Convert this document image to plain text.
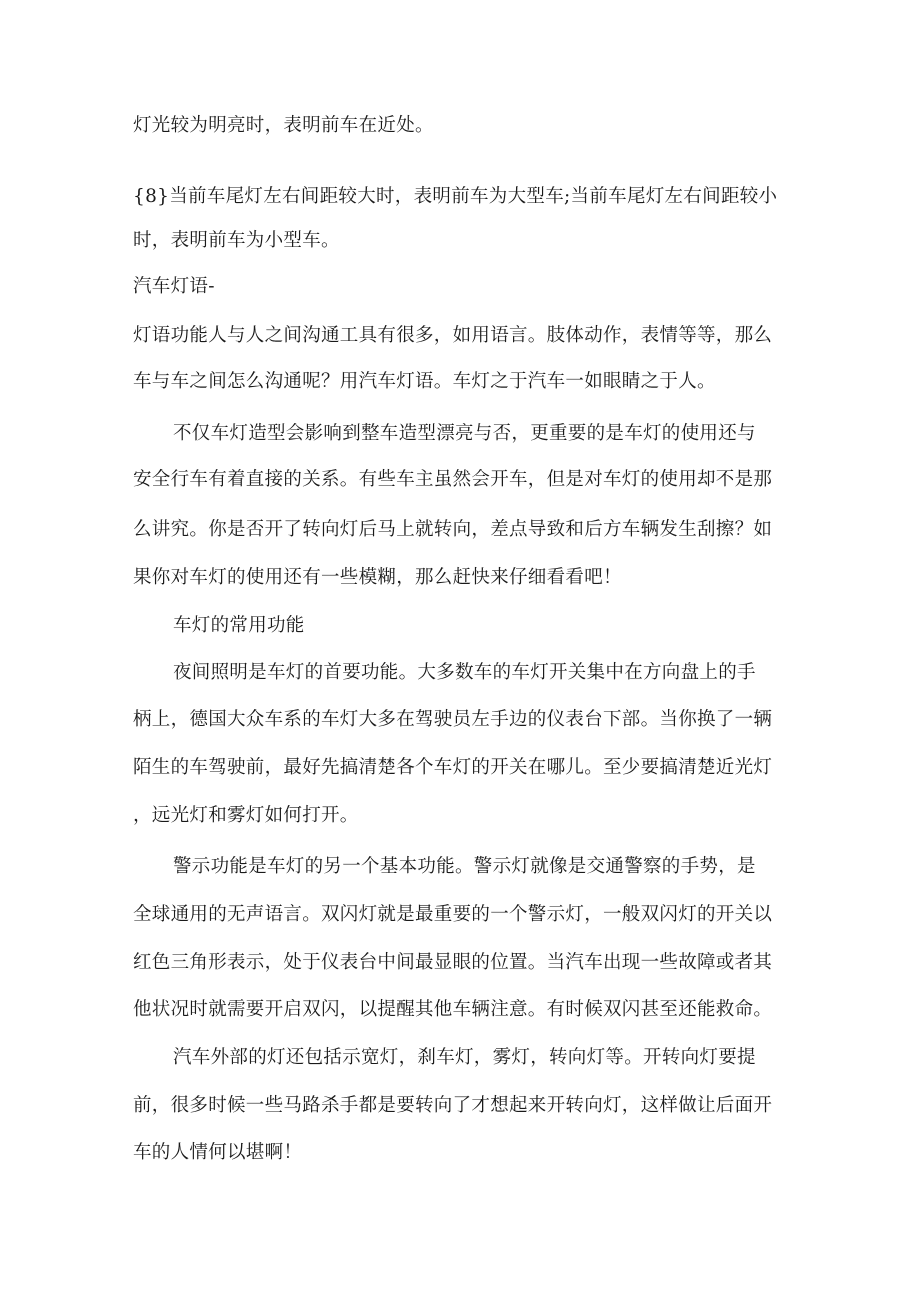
灯光较为明亮时，表明前车在近处。
{8}当前车尾灯左右间距较大时，表明前车为大型车;当前车尾灯左右间距较小
时，表明前车为小型车。
汽车灯语-
灯语功能人与人之间沟通工具有很多，如用语言。肢体动作，表情等等，那么
车与车之间怎么沟通呢？用汽车灯语。车灯之于汽车一如眼睛之于人。
不仅车灯造型会影响到整车造型漂亮与否，更重要的是车灯的使用还与
安全行车有着直接的关系。有些车主虽然会开车，但是对车灯的使用却不是那
么讲究。你是否开了转向灯后马上就转向，差点导致和后方车辆发生刮擦？如
果你对车灯的使用还有一些模糊，那么赶快来仔细看看吧！
车灯的常用功能
夜间照明是车灯的首要功能。大多数车的车灯开关集中在方向盘上的手
柄上，德国大众车系的车灯大多在驾驶员左手边的仪表台下部。当你换了一辆
陌生的车驾驶前，最好先搞清楚各个车灯的开关在哪儿。至少要搞清楚近光灯
，远光灯和雾灯如何打开。
警示功能是车灯的另一个基本功能。警示灯就像是交通警察的手势，是
全球通用的无声语言。双闪灯就是最重要的一个警示灯，一般双闪灯的开关以
红色三角形表示，处于仪表台中间最显眼的位置。当汽车出现一些故障或者其
他状况时就需要开启双闪，以提醒其他车辆注意。有时候双闪甚至还能救命。
汽车外部的灯还包括示宽灯，刹车灯，雾灯，转向灯等。开转向灯要提
前，很多时候一些马路杀手都是要转向了才想起来开转向灯，这样做让后面开
车的人情何以堪啊！
